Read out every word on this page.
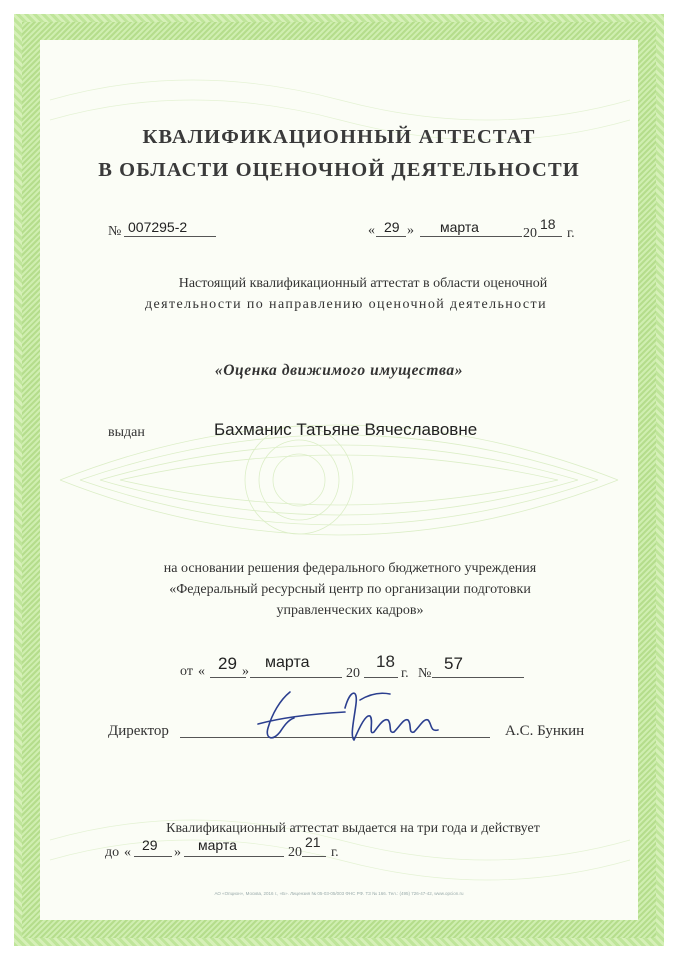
КВАЛИФИКАЦИОННЫЙ АТТЕСТАТ
В ОБЛАСТИ ОЦЕНОЧНОЙ ДЕЯТЕЛЬНОСТИ
№ 007295-2	« 29 » марта	20
18
г.
Настоящий квалификационный аттестат в области оценочной
деятельности по направлению оценочной деятельности
«Оценка движимого имущества»
выдан	Бахманис Татьяне Вячеславовне
на основании решения федерального бюджетного учреждения
«Федеральный ресурсный центр по организации подготовки
управленческих кадров»
от « 29 »
марта
20
18
г. №
57
Директор	А.С. Бункин
Квалификационный аттестат выдается на три года и действует
до « 29 » марта	20
21
г.
АО «Опцион», Москва, 2016 г., «Б». Лицензия № 05-03-05/003 ФНС РФ. ТЗ № 166. Тел.: (495) 726-47-42, www.opcion.ru
